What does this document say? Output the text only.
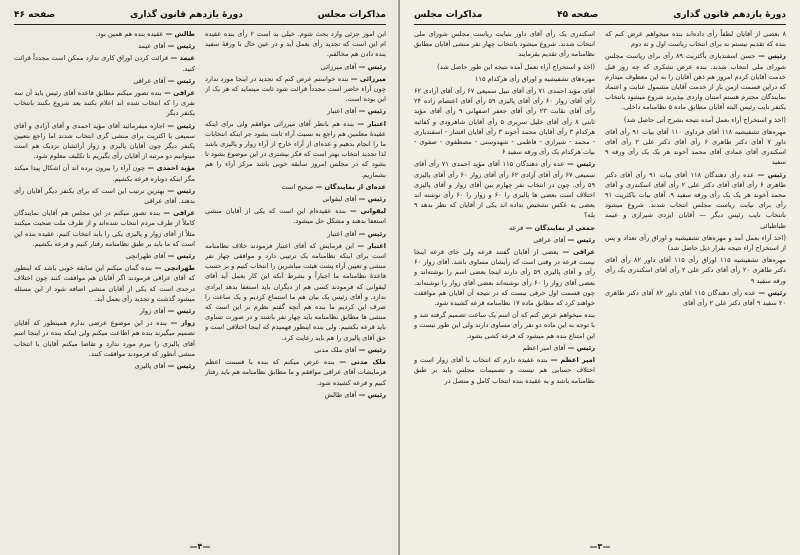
مذاکرات مجلس
دورهٔ یازدهم قانون گذاری
صفحه ۴۶

این امور جزئی وارد بحث شوم. خیلی بد است ۲ رأی بنده عقیده ام این است که تجدید رأی بعمل آید و در عین حال با ورقهٔ سفید بنده دادن هم مخالفم.

رئیس — آقای میرزائی

میرزائی — بنده خواستم عرض کنم که تجدید در اینجا مورد ندارد چون آراء حاضر است مجدداً قرائت شود ثابت مینماید که هر یک از این بوده است.

رئیس — آقای اعتبار

اعتبار — بنده هم بانظر آقای میرزائی موافقم ولی برای اینکه عقیدهٔ معلمین هم راجع به نسبت آراء ثابت بشود جز اینکه انتخابات ما را انجام بدهیم و عده‌ای از آراء خارج از آراء زوار و پالیزی باشد لذا تجدید انتخاب بهتر است که فکر بیشتری در این موضوع بشود تا بشود که در مجلس امروز سابقه خوبی باشد مرکز آراء را هم بشماریم.

عده‌ای از نمایندگان — صحیح است

رئیس — آقای لیقوانی

لیقوانی — بنده عقیده‌ام این است که یکی از آقایان منشی استعفا بدهند و مشکل حل میشود.

رئیس — آقای اعتبار

اعتبار — این فرمایش که آقای اعتبار فرمودند خلاف نظامنامه است برای اینکه نظامنامه یک ترتیبی دارد و موافقی چهار نفر منشی و تعیین آراء پشت هیئت مباشرین را انتخاب کنیم و بر حسب قاعدهٔ نظامنامه ما اجباراً و بشرط آنکه این کار بعمل آید آقای لیقوانی که فرمودند کسی هم از دیگران باید استعفا بدهد ایرادی ندارد. و آقای رئیس یک بیان هم ما استماع کردیم و یک ساعت را صرف این کردیم ما بنده هم آنچه گفتم نظرم بر این است که منشی ها مطابق نظامنامه باید چهار نفر باشند و در صورت تساوی باید قرعه بکشیم. ولی بنده اینطور فهمیدم که اینجا اختلافی است و حق آقای پالیزی را هم باید رعایت کرد.

رئیس — آقای ملک مدنی

ملک مدنی — بنده عرض میکنم که بنده با قسمت اعظم فرمایشات آقای عراقی موافقم و ما مطابق نظامنامه هم باید رفتار کنیم و قرعه کشیده شود.

رئیس — آقای طالش

طالش — عقیده بنده هم همین بود.

رئیس — آقای عیمد

عیمد — قرائت کردن اوراق کاری ندارد ممکن است مجدداً قرائت کنید.

رئیس — آقای عراقی

عراقی — بنده تصور میکنم مطابق قاعده آقای رئیس باید آن سه نفری را که انتخاب شده اند اعلام بکنند بعد شروع بکنند بانتخاب یکنفر دیگر

رئیس — اجازه میفرمائید آقای مؤید احمدی و آقای آزادی و آقای سمیعی با اکثریت برای منشی گری انتخاب شدند اما راجع بتعیین یکنفر دیگر چون آقایان پالیزی و زوار آرائشان نزدیک هم است میتوانیم دو مرتبه از آقایان رأی بگیریم تا تکلیف معلوم شود.

مؤید احمدی — چون آراء را بیرون برده اند آن اشکال پیدا میکند مگر اینکه دوباره قرعه بکشیم.

رئیس — بهترین ترتیب این است که برای یکنفر دیگر آقایان رأی بدهند. آقای عراقی

عراقی — بنده تصور میکنم در این مجلس هم آقایان نمایندگان کاملاً از طرف مردم انتخاب شده‌اند و از طرف ملت صحبت میکنند مثلاً از آقای زوار و پالیزی یکی را باید انتخاب کنیم. عقیده بنده این است که ما باید بر طبق نظامنامه رفتار کنیم و قرعه بکشیم.

رئیس — آقای طهرانچی

طهرانچی — بنده گمان میکنم این سابقه خوبی باشد که اینطور که آقای عراقی فرمودند اگر آقایان هم موافقت کنند چون اختلاف درحدی است که یکی از آقایان منشی اضافه شود از این مسئله میشود گذشت و تجدید رأی بعمل آید.

رئیس — آقای زوار

زوار — بنده در این موضوع عرضی ندارم همینطور که آقایان تصمیم میگیرند بنده هم اطاعت میکنم ولی اینکه بنده در اینجا اسم آقای پالیزی را ببرم مورد ندارد و تقاضا میکنم آقایان با انتخاب منشی آنطور که فرمودند موافقت کنند.

رئیس — آقای پالیزی

—۴—
دورهٔ یازدهم قانون گذاری
صفحه ۴۵
مذاکرات مجلس

۸ بعضی از آقایان لطفاً رأی داده‌اند بنده میخواهم عرض کنم که بنده که تقدیم نیستم نه برای انتخاب ریاست اول و نه دوم

رئیس — حسن اسفندیاری بأکثریت ۸۹ رأی برای ریاست مجلس شورای ملی انتخاب شدند. بنده عرض تشکری که چه روز قبل خدمت آقایان کردم امروز هم ذهن آقایان را به این معطوف میدارم که دراین قسمت ازمن باز از خدمت آقایان مشمول عنایت و اعتماد نمایندگان محترم هستم امتنان واردی بپذیرند شروع میشود بانتخاب یکنفر نایب رئیس البته آقایان مطابق ماده ۵ نظامنامه داخلی.

(اخذ و استخراج آراء بعمل آمده نتیجه بشرح آتی حاصل شد)

مهره‌های تشفیشیه ۱۱۸ آقای فرداوی ۱۱۰ آقای بیات ۹۱ رأی آقای داور ۷ آقای دکتر طاهری ۶ رأی آقای دکتر علی ۲ رأی آقای اسکندری آقای عمادی آقای محمد آخوند هر یک یک رأی ورقه ۹ سفید

رئیس — عده رأی دهندگان ۱۱۸ آقای بیات ۹۱ رأی آقای دکتر طاهری ۶ رأی آقای آقای دکتر علی ۲ رأی آقای اسکندری و آقای محمد آخوند هر یک یک رأی ورقه سفید ۹. آقای بیات باکثریت ۹۱ رأی برای نیابت ریاست مجلس انتخاب شدند. شروع میشود بانتخاب نایب رئیس دیگر — آقایان ایزدی شیرازی و عیمد طباطبائی

(اخذ آراء بعمل آمد و مهره‌های تشفیشیه و اوراق رأی تعداد و پس از استخراج آراء نتیجه بقرار ذیل حاصل شد)

مهره‌های تشفیشیه ۱۱۵ اوراق رأی ۱۱۵ آقای داور ۸۲ رأی آقای دکتر طاهری ۲۰ رأی آقای دکتر علی ۲ رأی آقای اسکندری یک رأی ورقه سفید ۹

رئیس — عده رأی دهندگان ۱۱۵ آقای داور ۸۲ آقای دکتر طاهری ۲۰ سفید ۹ آقای دکتر علی ۲ رأی آقای

اسکندری یک رأی آقای داور بنیابت ریاست مجلس شورای ملی انتخاب شدند. شروع میشود بانتخاب چهار نفر منشی آقایان مطابق نظامنامه رأی تقدیم بفرمایند

(اخذ و استخراج آراء بعمل آمده نتیجه این طور حاصل شد)

مهره‌های تشفیشیه و اوراق رأی هرکدام ۱۱۵

آقای مؤید احمدی ۷۱ رأی آقای نبیل سمیعی ۶۷ رأی آقای آزادی ۶۲ رأی آقای زوار ۶۰ رأی آقای پالیزی ۵۹ رأی آقای اعتصام زاده ۲۴ رأی آقای نقابت ۲۳ رأی آقای جعفر اصفهانی ۹ رأی آقای مؤید ثابتی ۸ رأی آقای خلیل سریری ۵ رأی آقایان شاهرودی و کفائیه هرکدام ۳ رأی آقایان محمد آخوند ۳ رأی آقایان افشار - اسفندیاری - محمد - شیرازی - فاطمی - شهدوستی - مصطفوی - صفوی - بیات هرکدام یک رأی ورقه سفید ۶

رئیس — عده رأی دهندگان ۱۱۵ آقای مؤید احمدی ۷۱ رأی آقای سمیعی ۶۷ رأی آقای آزادی ۶۲ رأی آقای زوار ۶۰ رأی آقای پالیزی ۵۹ رأی. چون در انتخاب نفر چهارم بین آقای زوار و آقای پالیزی اختلاف است بعضی ها پالیزی را ۶۰ و زوار را ۶۰ رأی نوشته اند بعضی به عکس تشخیص نداده اند یکی از آقایان که نظر بدهد ۹ بله؟

جمعی از نمایندگان — قرعه

رئیس — آقای عراقی

عراقی — بعضی از آقایان گفتند قرعه ولی جای قرعه اینجا نیست قرعه در وقتی است که رأیشان مساوی باشد. آقای زوار ۶۰ رأی و آقای پالیزی ۵۹ رأی دارند اینجا بعضی اسم را نوشته‌اند و بعضی آقای زوار را ۶۰ رأی نوشته‌اند بعضی آقای زوار را نوشته‌اند. چون قسمت اول حرفی نیست که در نتیجه آن آقایان هم موافقت خواهند کرد که مطابق ماده ۱۷ نظامنامه قرعه کشیده شود.

بنده میخواهم عرض کنم که آن اسم یک ساعت تصمیم گرفته شد و با توجه به این ماده دو نفر رأی مساوی دارند ولی این طور نیست و این امتناع بنده هم میشود که قرعه کشی بشود.

رئیس — آقای امیر اعظم

امیر اعظم — بنده عقیده دارم که انتخاب با آقای زوار است و اختلاف حسابی هم نیست و تصمیمات مجلس باید بر طبق نظامنامه باشد و به عقیده بنده انتخاب کامل و متصل در

—۳—
